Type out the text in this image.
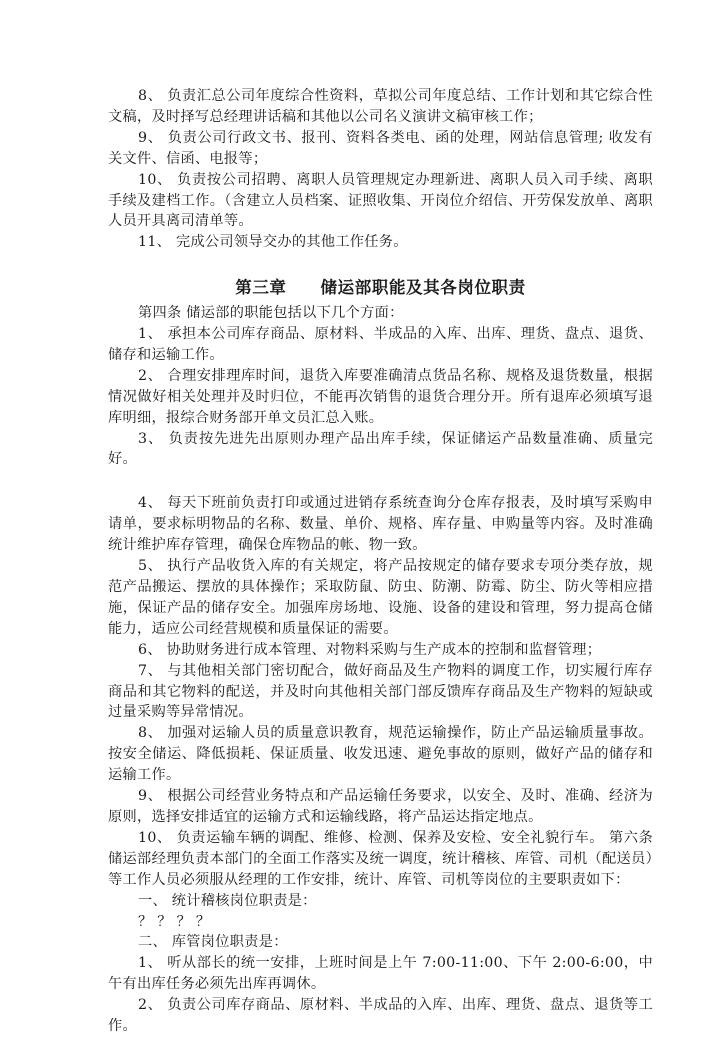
8、 负责汇总公司年度综合性资料，草拟公司年度总结、工作计划和其它综合性文稿，及时择写总经理讲话稿和其他以公司名义演讲文稿审核工作；

9、 负责公司行政文书、报刊、资料各类电、函的处理，网站信息管理; 收发有关文件、信函、电报等；

10、 负责按公司招聘、离职人员管理规定办理新进、离职人员入司手续、离职手续及建档工作。（含建立人员档案、证照收集、开岗位介绍信、开劳保发放单、离职人员开具离司清单等。

11、 完成公司领导交办的其他工作任务。

第三章 储运部职能及其各岗位职责

第四条 储运部的职能包括以下几个方面：

1、 承担本公司库存商品、原材料、半成品的入库、出库、理货、盘点、退货、储存和运输工作。

2、 合理安排理库时间，退货入库要准确清点货品名称、规格及退货数量，根据情况做好相关处理并及时归位，不能再次销售的退货合理分开。所有退库必须填写退库明细，报综合财务部开单文员汇总入账。

3、 负责按先进先出原则办理产品出库手续，保证储运产品数量准确、质量完好。

4、 每天下班前负责打印或通过进销存系统查询分仓库存报表，及时填写采购申请单，要求标明物品的名称、数量、单价、规格、库存量、申购量等内容。及时准确统计维护库存管理，确保仓库物品的帐、物一致。

5、 执行产品收货入库的有关规定，将产品按规定的储存要求专项分类存放，规范产品搬运、摆放的具体操作；采取防鼠、防虫、防潮、防霉、防尘、防火等相应措施，保证产品的储存安全。加强库房场地、设施、设备的建设和管理，努力提高仓储能力，适应公司经营规模和质量保证的需要。

6、 协助财务进行成本管理、对物料采购与生产成本的控制和监督管理；

7、 与其他相关部门密切配合，做好商品及生产物料的调度工作，切实履行库存商品和其它物料的配送，并及时向其他相关部门部反馈库存商品及生产物料的短缺或过量采购等异常情况。

8、 加强对运输人员的质量意识教育，规范运输操作，防止产品运输质量事故。按安全储运、降低损耗、保证质量、收发迅速、避免事故的原则，做好产品的储存和运输工作。

9、 根据公司经营业务特点和产品运输任务要求，以安全、及时、准确、经济为原则，选择安排适宜的运输方式和运输线路，将产品运达指定地点。

10、 负责运输车辆的调配、维修、检测、保养及安检、安全礼貌行车。 第六条储运部经理负责本部门的全面工作落实及统一调度，统计稽核、库管、司机（配送员）等工作人员必须服从经理的工作安排，统计、库管、司机等岗位的主要职责如下：

一、 统计稽核岗位职责是：

？ ？ ？ ？

二、 库管岗位职责是：

1、 听从部长的统一安排，上班时间是上午 7:00-11:00、下午 2:00-6:00，中午有出库任务必须先出库再调休。

2、 负责公司库存商品、原材料、半成品的入库、出库、理货、盘点、退货等工作。
